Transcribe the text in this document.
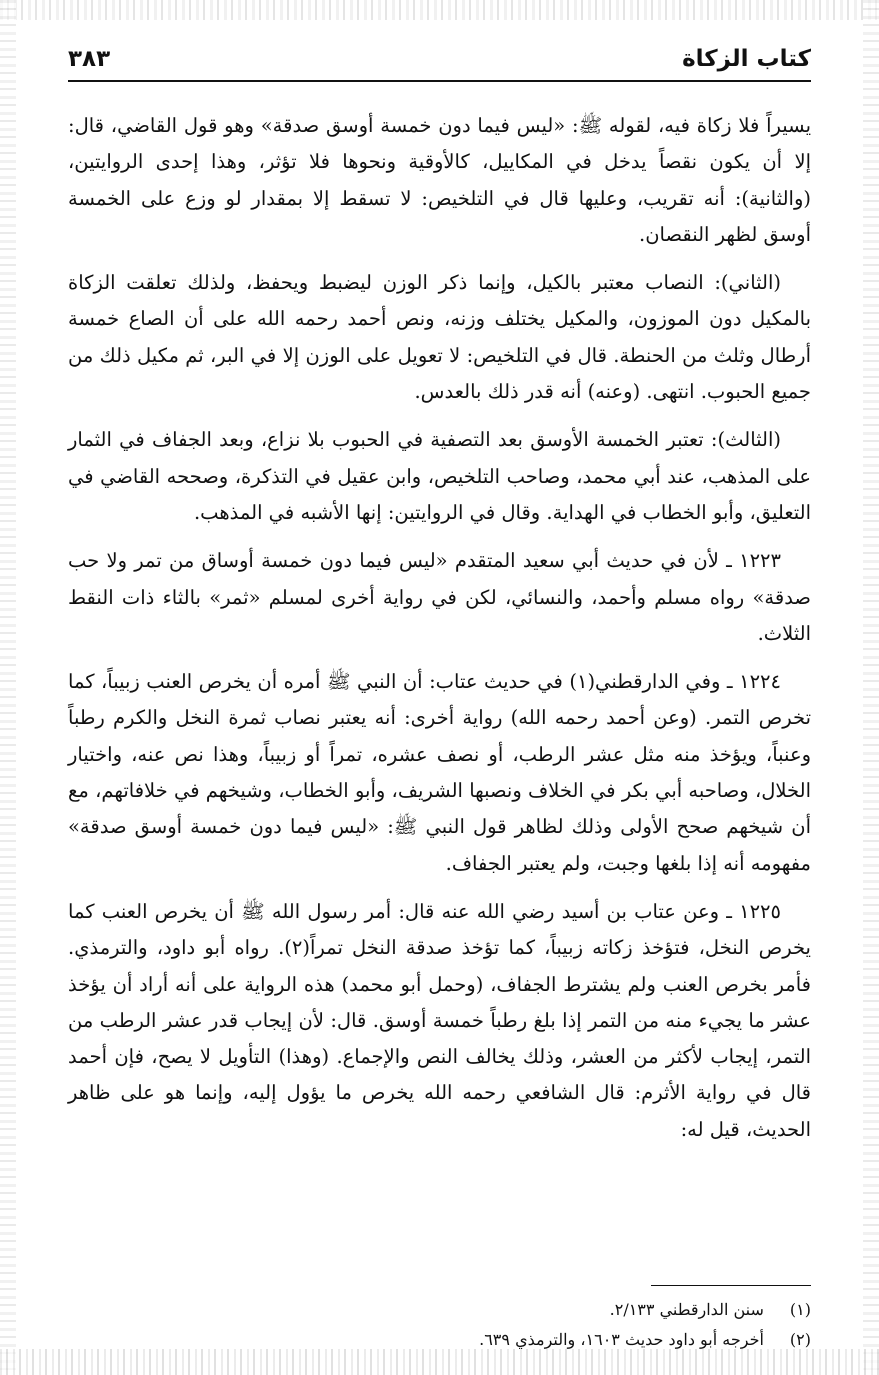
كتاب الزكاة
٣٨٣

يسيراً فلا زكاة فيه، لقوله ﷺ: «ليس فيما دون خمسة أوسق صدقة» وهو قول القاضي، قال: إلا أن يكون نقصاً يدخل في المكاييل، كالأوقية ونحوها فلا تؤثر، وهذا إحدى الروايتين، (والثانية): أنه تقريب، وعليها قال في التلخيص: لا تسقط إلا بمقدار لو وزع على الخمسة أوسق لظهر النقصان.

(الثاني): النصاب معتبر بالكيل، وإنما ذكر الوزن ليضبط ويحفظ، ولذلك تعلقت الزكاة بالمكيل دون الموزون، والمكيل يختلف وزنه، ونص أحمد رحمه الله على أن الصاع خمسة أرطال وثلث من الحنطة. قال في التلخيص: لا تعويل على الوزن إلا في البر، ثم مكيل ذلك من جميع الحبوب. انتهى. (وعنه) أنه قدر ذلك بالعدس.

(الثالث): تعتبر الخمسة الأوسق بعد التصفية في الحبوب بلا نزاع، وبعد الجفاف في الثمار على المذهب، عند أبي محمد، وصاحب التلخيص، وابن عقيل في التذكرة، وصححه القاضي في التعليق، وأبو الخطاب في الهداية. وقال في الروايتين: إنها الأشبه في المذهب.

١٢٢٣ ـ لأن في حديث أبي سعيد المتقدم «ليس فيما دون خمسة أوساق من تمر ولا حب صدقة» رواه مسلم وأحمد، والنسائي، لكن في رواية أخرى لمسلم «ثمر» بالثاء ذات النقط الثلاث.

١٢٢٤ ـ وفي الدارقطني(١) في حديث عتاب: أن النبي ﷺ أمره أن يخرص العنب زبيباً، كما تخرص التمر. (وعن أحمد رحمه الله) رواية أخرى: أنه يعتبر نصاب ثمرة النخل والكرم رطباً وعنباً، ويؤخذ منه مثل عشر الرطب، أو نصف عشره، تمراً أو زبيباً، وهذا نص عنه، واختيار الخلال، وصاحبه أبي بكر في الخلاف ونصبها الشريف، وأبو الخطاب، وشيخهم في خلافاتهم، مع أن شيخهم صحح الأولى وذلك لظاهر قول النبي ﷺ: «ليس فيما دون خمسة أوسق صدقة» مفهومه أنه إذا بلغها وجبت، ولم يعتبر الجفاف.

١٢٢٥ ـ وعن عتاب بن أسيد رضي الله عنه قال: أمر رسول الله ﷺ أن يخرص العنب كما يخرص النخل، فتؤخذ زكاته زبيباً، كما تؤخذ صدقة النخل تمراً(٢). رواه أبو داود، والترمذي. فأمر بخرص العنب ولم يشترط الجفاف، (وحمل أبو محمد) هذه الرواية على أنه أراد أن يؤخذ عشر ما يجيء منه من التمر إذا بلغ رطباً خمسة أوسق. قال: لأن إيجاب قدر عشر الرطب من التمر، إيجاب لأكثر من العشر، وذلك يخالف النص والإجماع. (وهذا) التأويل لا يصح، فإن أحمد قال في رواية الأثرم: قال الشافعي رحمه الله يخرص ما يؤول إليه، وإنما هو على ظاهر الحديث، قيل له:

(١) سنن الدارقطني ٢/١٣٣.

(٢) أخرجه أبو داود حديث ١٦٠٣، والترمذي ٦٣٩.
